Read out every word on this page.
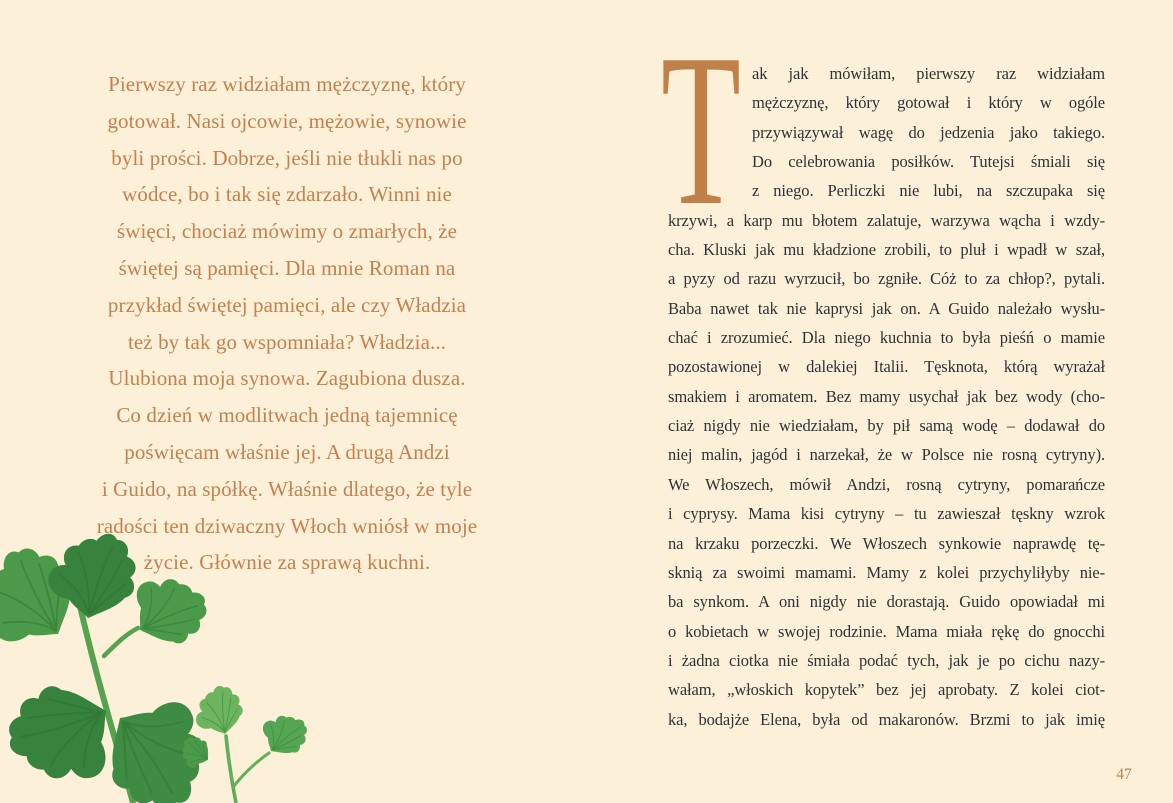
Pierwszy raz widziałam mężczyznę, który
gotował. Nasi ojcowie, mężowie, synowie
byli prości. Dobrze, jeśli nie tłukli nas po
wódce, bo i tak się zdarzało. Winni nie
święci, chociaż mówimy o zmarłych, że
świętej są pamięci. Dla mnie Roman na
przykład świętej pamięci, ale czy Władzia
też by tak go wspomniała? Władzia...
Ulubiona moja synowa. Zagubiona dusza.
Co dzień w modlitwach jedną tajemnicę
poświęcam właśnie jej. A drugą Andzi
i Guido, na spółkę. Właśnie dlatego, że tyle
radości ten dziwaczny Włoch wniósł w moje
życie. Głównie za sprawą kuchni.
T ak jak mówiłam, pierwszy raz widziałam
mężczyznę, który gotował i który w ogóle
przywiązywał wagę do jedzenia jako takiego.
Do celebrowania posiłków. Tutejsi śmiali się
z niego. Perliczki nie lubi, na szczupaka się
krzywi, a karp mu błotem zalatuje, warzywa wącha i wzdy-
cha. Kluski jak mu kładzione zrobili, to pluł i wpadł w szał,
a pyzy od razu wyrzucił, bo zgniłe. Cóż to za chłop?, pytali.
Baba nawet tak nie kaprysi jak on. A Guido należało wysłu-
chać i zrozumieć. Dla niego kuchnia to była pieśń o mamie
pozostawionej w dalekiej Italii. Tęsknota, którą wyrażał
smakiem i aromatem. Bez mamy usychał jak bez wody (cho-
ciaż nigdy nie wiedziałam, by pił samą wodę – dodawał do
niej malin, jagód i narzekał, że w Polsce nie rosną cytryny).
We Włoszech, mówił Andzi, rosną cytryny, pomarańcze
i cyprysy. Mama kisi cytryny – tu zawieszał tęskny wzrok
na krzaku porzeczki. We Włoszech synkowie naprawdę tę-
sknią za swoimi mamami. Mamy z kolei przychyliłyby nie-
ba synkom. A oni nigdy nie dorastają. Guido opowiadał mi
o kobietach w swojej rodzinie. Mama miała rękę do gnocchi
i żadna ciotka nie śmiała podać tych, jak je po cichu nazy-
wałam, „włoskich kopytek” bez jej aprobaty. Z kolei ciot-
ka, bodajże Elena, była od makaronów. Brzmi to jak imię
47
